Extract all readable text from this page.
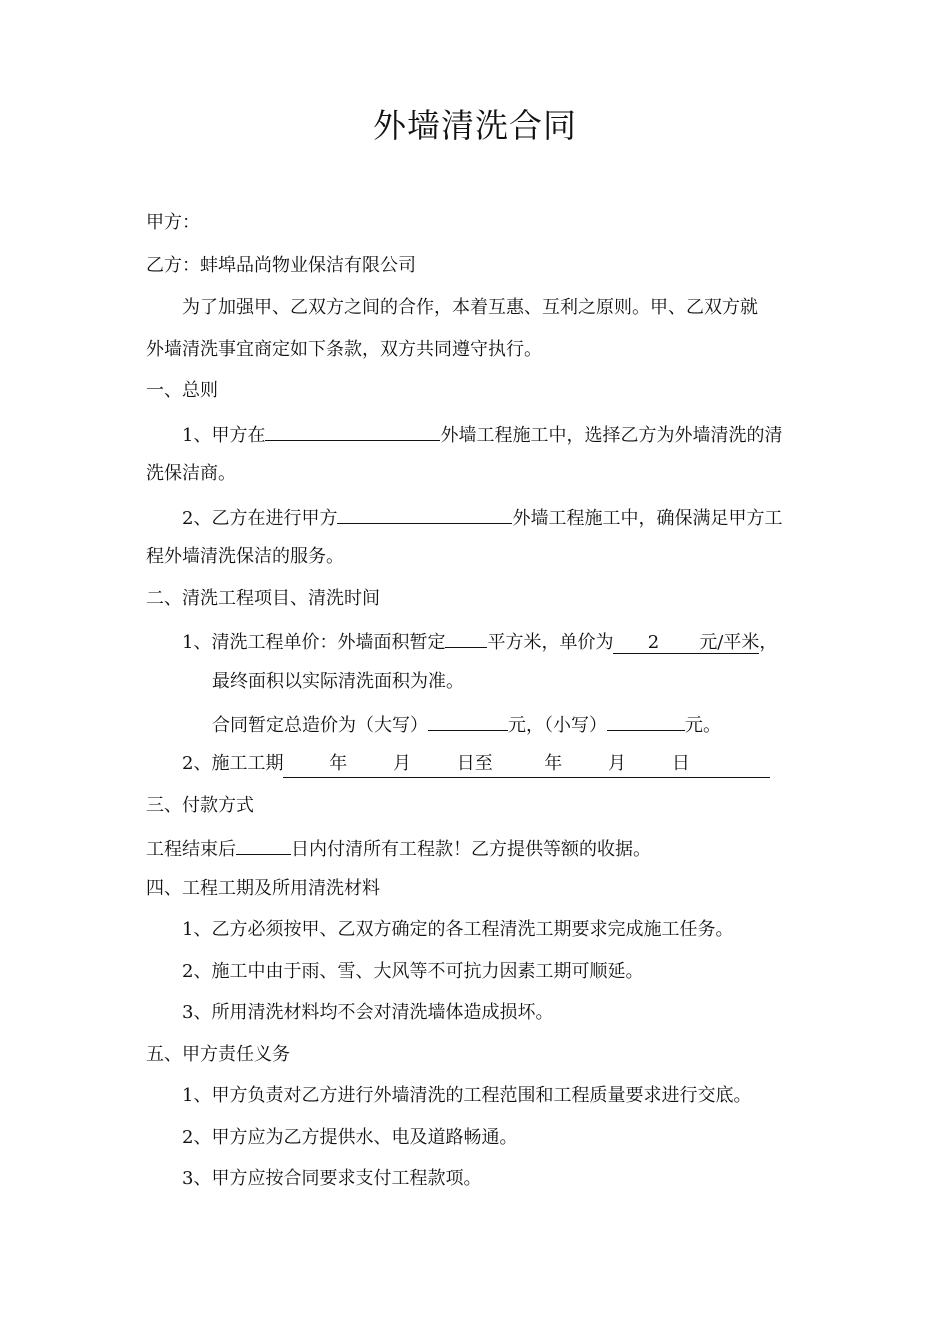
外墙清洗合同
甲方：
乙方：蚌埠品尚物业保洁有限公司
为了加强甲、乙双方之间的合作，本着互惠、互利之原则。甲、乙双方就
外墙清洗事宜商定如下条款，双方共同遵守执行。
一、总则
1、甲方在	外墙工程施工中，选择乙方为外墙清洗的清
洗保洁商。
2、乙方在进行甲方	外墙工程施工中，确保满足甲方工
程外墙清洗保洁的服务。
二、清洗工程项目、清洗时间
1、清洗工程单价：外墙面积暂定 平方米，单价为 2 元/平米，
最终面积以实际清洗面积为准。
合同暂定总造价为（大写）	元，（小写）	元。
2、施工工期	年        月        日至         年        月        日
三、付款方式
工程结束后	日内付清所有工程款！乙方提供等额的收据。
四、工程工期及所用清洗材料
1、乙方必须按甲、乙双方确定的各工程清洗工期要求完成施工任务。
2、施工中由于雨、雪、大风等不可抗力因素工期可顺延。
3、所用清洗材料均不会对清洗墙体造成损坏。
五、甲方责任义务
1、甲方负责对乙方进行外墙清洗的工程范围和工程质量要求进行交底。
2、甲方应为乙方提供水、电及道路畅通。
3、甲方应按合同要求支付工程款项。
